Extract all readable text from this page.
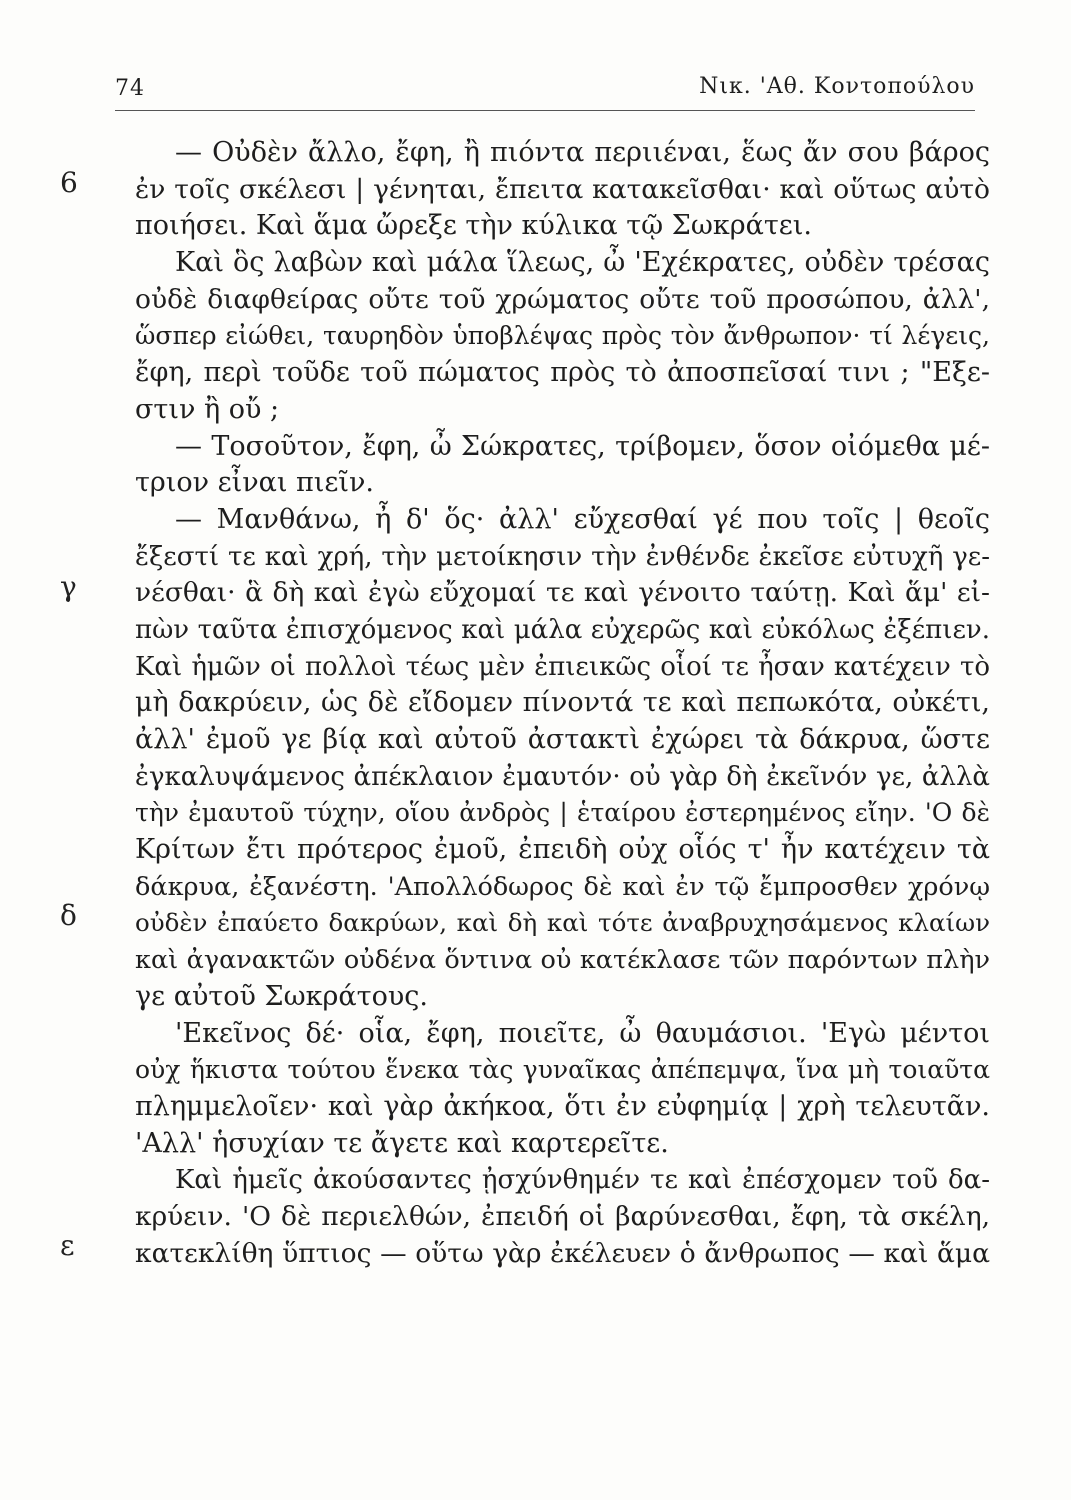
74	Νικ. 'Αθ. Κοντοπούλου
6
γ
δ
ε
— Οὐδὲν ἄλλο, ἔφη, ἢ πιόντα περιιέναι, ἕως ἄν σου βάρος
ἐν τοῖς σκέλεσι | γένηται, ἔπειτα κατακεῖσθαι· καὶ οὕτως αὐτὸ
ποιήσει. Καὶ ἅμα ὤρεξε τὴν κύλικα τῷ Σωκράτει.
Καὶ ὃς λαβὼν καὶ μάλα ἵλεως, ὦ 'Εχέκρατες, οὐδὲν τρέσας
οὐδὲ διαφθείρας οὔτε τοῦ χρώματος οὔτε τοῦ προσώπου, ἀλλ',
ὥσπερ εἰώθει, ταυρηδὸν ὑποβλέψας πρὸς τὸν ἄνθρωπον· τί λέγεις,
ἔφη, περὶ τοῦδε τοῦ πώματος πρὸς τὸ ἀποσπεῖσαί τινι ; "Εξε-
στιν ἢ οὔ ;
— Τοσοῦτον, ἔφη, ὦ Σώκρατες, τρίβομεν, ὅσον οἰόμεθα μέ-
τριον εἶναι πιεῖν.
— Μανθάνω, ἦ δ' ὅς· ἀλλ' εὔχεσθαί γέ που τοῖς | θεοῖς
ἔξεστί τε καὶ χρή, τὴν μετοίκησιν τὴν ἐνθένδε ἐκεῖσε εὐτυχῆ γε-
νέσθαι· ἃ δὴ καὶ ἐγὼ εὔχομαί τε καὶ γένοιτο ταύτῃ. Καὶ ἅμ' εἰ-
πὼν ταῦτα ἐπισχόμενος καὶ μάλα εὐχερῶς καὶ εὐκόλως ἐξέπιεν.
Καὶ ἡμῶν οἱ πολλοὶ τέως μὲν ἐπιεικῶς οἷοί τε ἦσαν κατέχειν τὸ
μὴ δακρύειν, ὡς δὲ εἴδομεν πίνοντά τε καὶ πεπωκότα, οὐκέτι,
ἀλλ' ἐμοῦ γε βίᾳ καὶ αὐτοῦ ἀστακτὶ ἐχώρει τὰ δάκρυα, ὥστε
ἐγκαλυψάμενος ἀπέκλαιον ἐμαυτόν· οὐ γὰρ δὴ ἐκεῖνόν γε, ἀλλὰ
τὴν ἐμαυτοῦ τύχην, οἵου ἀνδρὸς | ἑταίρου ἐστερημένος εἴην. 'Ο δὲ
Κρίτων ἔτι πρότερος ἐμοῦ, ἐπειδὴ οὐχ οἷός τ' ἦν κατέχειν τὰ
δάκρυα, ἐξανέστη. 'Απολλόδωρος δὲ καὶ ἐν τῷ ἔμπροσθεν χρόνῳ
οὐδὲν ἐπαύετο δακρύων, καὶ δὴ καὶ τότε ἀναβρυχησάμενος κλαίων
καὶ ἀγανακτῶν οὐδένα ὅντινα οὐ κατέκλασε τῶν παρόντων πλὴν
γε αὐτοῦ Σωκράτους.
'Εκεῖνος δέ· οἷα, ἔφη, ποιεῖτε, ὦ θαυμάσιοι. 'Εγὼ μέντοι
οὐχ ἥκιστα τούτου ἕνεκα τὰς γυναῖκας ἀπέπεμψα, ἵνα μὴ τοιαῦτα
πλημμελοῖεν· καὶ γὰρ ἀκήκοα, ὅτι ἐν εὐφημίᾳ | χρὴ τελευτᾶν.
'Αλλ' ἡσυχίαν τε ἄγετε καὶ καρτερεῖτε.
Καὶ ἡμεῖς ἀκούσαντες ᾐσχύνθημέν τε καὶ ἐπέσχομεν τοῦ δα-
κρύειν. 'Ο δὲ περιελθών, ἐπειδή οἱ βαρύνεσθαι, ἔφη, τὰ σκέλη,
κατεκλίθη ὕπτιος — οὕτω γὰρ ἐκέλευεν ὁ ἄνθρωπος — καὶ ἅμα
